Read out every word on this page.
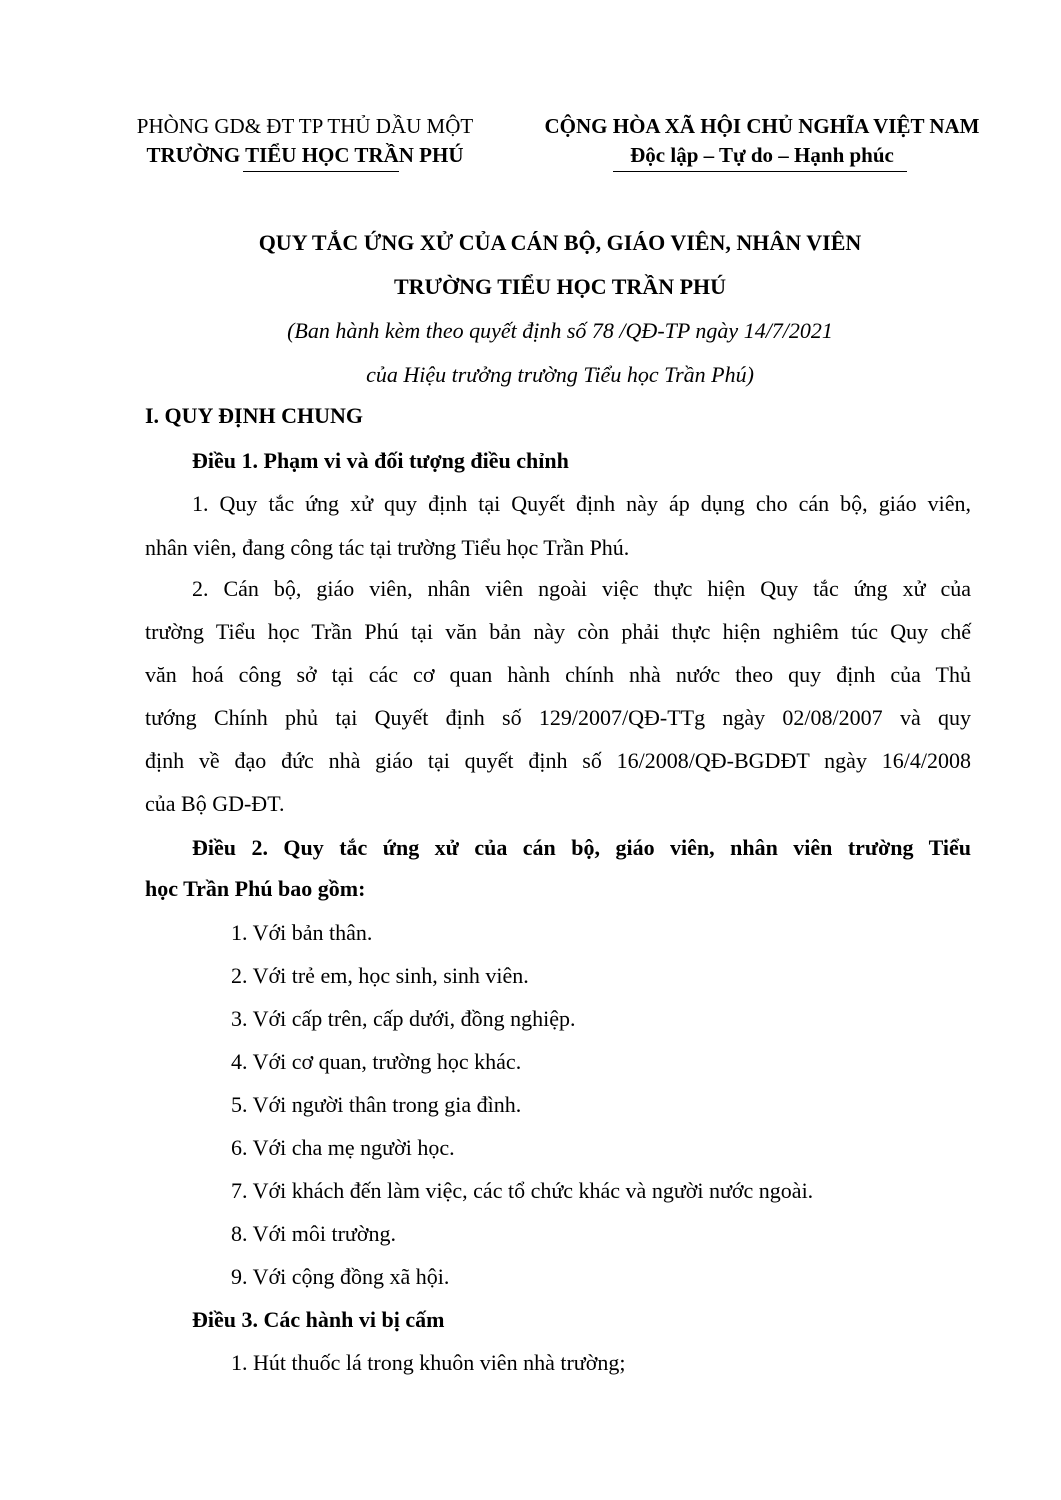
PHÒNG GD& ĐT TP THỦ DẦU MỘT
TRƯỜNG TIỂU HỌC TRẦN PHÚ
CỘNG HÒA XÃ HỘI CHỦ NGHĨA VIỆT NAM
Độc lập – Tự do – Hạnh phúc
QUY TẮC ỨNG XỬ CỦA CÁN BỘ, GIÁO VIÊN, NHÂN VIÊN
TRƯỜNG TIỂU HỌC TRẦN PHÚ
(Ban hành kèm theo quyết định số 78 /QĐ-TP ngày 14/7/2021
của Hiệu trưởng trường Tiểu học Trần Phú)
I. QUY ĐỊNH CHUNG
Điều 1. Phạm vi và đối tượng điều chỉnh
1. Quy tắc ứng xử quy định tại Quyết định này áp dụng cho cán bộ, giáo viên,
nhân viên, đang công tác tại trường Tiểu học Trần Phú.
2. Cán bộ, giáo viên, nhân viên ngoài việc thực hiện Quy tắc ứng xử của
trường Tiểu học Trần Phú tại văn bản này còn phải thực hiện nghiêm túc Quy chế
văn hoá công sở tại các cơ quan hành chính nhà nước theo quy định của Thủ
tướng Chính phủ tại Quyết định số 129/2007/QĐ-TTg ngày 02/08/2007 và quy
định về đạo đức nhà giáo tại quyết định số 16/2008/QĐ-BGDĐT ngày 16/4/2008
của Bộ GD-ĐT.
Điều 2. Quy tắc ứng xử của cán bộ, giáo viên, nhân viên trường Tiểu
học Trần Phú bao gồm:
1. Với bản thân.
2. Với trẻ em, học sinh, sinh viên.
3. Với cấp trên, cấp dưới, đồng nghiệp.
4. Với cơ quan, trường học khác.
5. Với người thân trong gia đình.
6. Với cha mẹ người học.
7. Với khách đến làm việc, các tổ chức khác và người nước ngoài.
8. Với môi trường.
9. Với cộng đồng xã hội.
Điều 3. Các hành vi bị cấm
1. Hút thuốc lá trong khuôn viên nhà trường;
